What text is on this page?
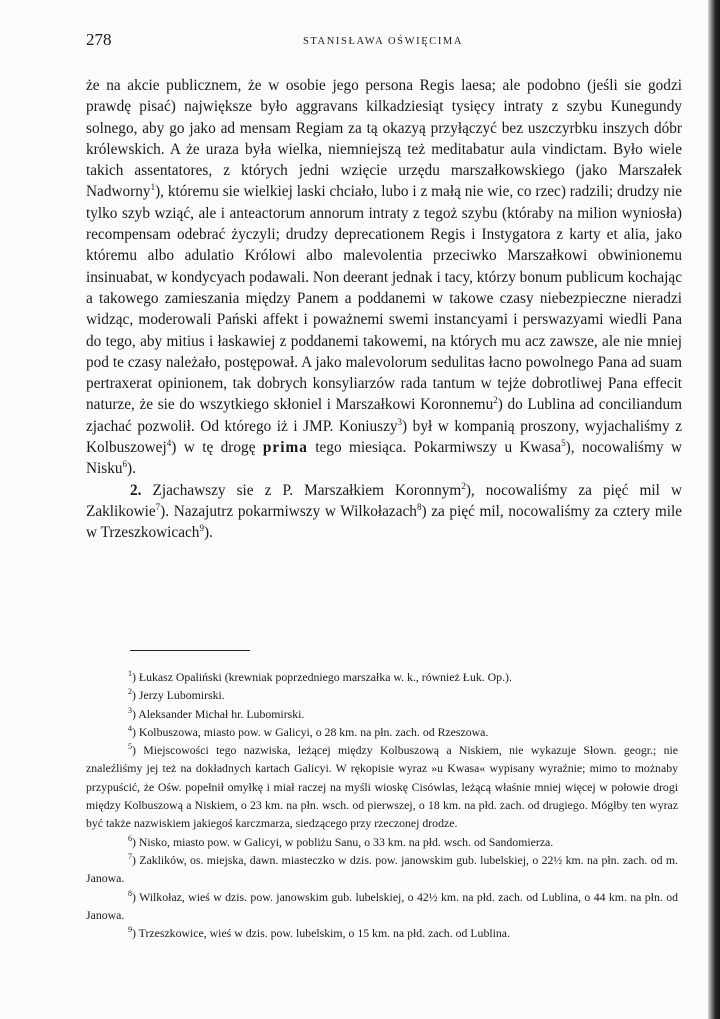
278	STANISŁAWA OŚWIĘCIMA

że na akcie publicznem, że w osobie jego persona Regis laesa; ale podobno (jeśli sie godzi prawdę pisać) największe było aggravans kilkadziesiąt tysięcy intraty z szybu Kunegundy solnego, aby go jako ad mensam Regiam za tą okazyą przyłączyć bez uszczyrbku inszych dóbr królewskich. A że uraza była wielka, niemniejszą też meditabatur aula vindictam. Było wiele takich assentatores, z których jedni wzięcie urzędu marszałkowskiego (jako Marszałek Nadworny$^1$), któremu sie wielkiej laski chciało, lubo i z małą nie wie, co rzec) radzili; drudzy nie tylko szyb wziąć, ale i anteactorum annorum intraty z tegoż szybu (któraby na milion wyniosła) recompensam odebrać życzyli; drudzy deprecationem Regis i Instygatora z karty et alia, jako któremu albo adulatio Królowi albo malevolentia przeciwko Marszałkowi obwinionemu insinuabat, w kondycyach podawali. Non deerant jednak i tacy, którzy bonum publicum kochając a takowego zamieszania między Panem a poddanemi w takowe czasy niebezpieczne nieradzi widząc, moderowali Pański affekt i poważnemi swemi instancyami i perswazyami wiedli Pana do tego, aby mitius i łaskawiej z poddanemi takowemi, na których mu acz zawsze, ale nie mniej pod te czasy należało, postępował. A jako malevolorum sedulitas łacno powolnego Pana ad suam pertraxerat opinionem, tak dobrych konsyliarzów rada tantum w tejże dobrotliwej Pana effecit naturze, że sie do wszytkiego skłoniel i Marszałkowi Koronnemu$^2$) do Lublina ad conciliandum zjachać pozwolił. Od którego iż i JMP. Koniuszy$^3$) był w kompanią proszony, wyjachaliśmy z Kolbuszowej$^4$) w tę drogę prima tego miesiąca. Pokarmiwszy u Kwasa$^5$), nocowaliśmy w Nisku$^6$).

2. Zjachawszy sie z P. Marszałkiem Koronnym$^2$), nocowaliśmy za pięć mil w Zaklikowie$^7$). Nazajutrz pokarmiwszy w Wilkołazach$^8$) za pięć mil, nocowaliśmy za cztery mile w Trzeszkowicach$^9$).

$^1$) Łukasz Opaliński (krewniak poprzedniego marszałka w. k., również Łuk. Op.).

$^2$) Jerzy Lubomirski.

$^3$) Aleksander Michał hr. Lubomirski.

$^4$) Kolbuszowa, miasto pow. w Galicyi, o 28 km. na płn. zach. od Rzeszowa.

$^5$) Miejscowości tego nazwiska, leżącej między Kolbuszową a Niskiem, nie wykazuje Słown. geogr.; nie znaleźliśmy jej też na dokładnych kartach Galicyi. W rękopisie wyraz »u Kwasa« wypisany wyraźnie; mimo to możnaby przypuścić, że Ośw. popełnił omyłkę i miał raczej na myśli wioskę Cisówlas, leżącą właśnie mniej więcej w połowie drogi między Kolbuszową a Niskiem, o 23 km. na płn. wsch. od pierwszej, o 18 km. na płd. zach. od drugiego. Mógłby ten wyraz być także nazwiskiem jakiegoś karczmarza, siedzącego przy rzeczonej drodze.

$^6$) Nisko, miasto pow. w Galicyi, w pobliżu Sanu, o 33 km. na płd. wsch. od Sandomierza.

$^7$) Zaklików, os. miejska, dawn. miasteczko w dzis. pow. janowskim gub. lubelskiej, o 22½ km. na płn. zach. od m. Janowa.

$^8$) Wilkołaz, wieś w dzis. pow. janowskim gub. lubelskiej, o 42½ km. na płd. zach. od Lublina, o 44 km. na płn. od Janowa.

$^9$) Trzeszkowice, wieś w dzis. pow. lubelskim, o 15 km. na płd. zach. od Lublina.
